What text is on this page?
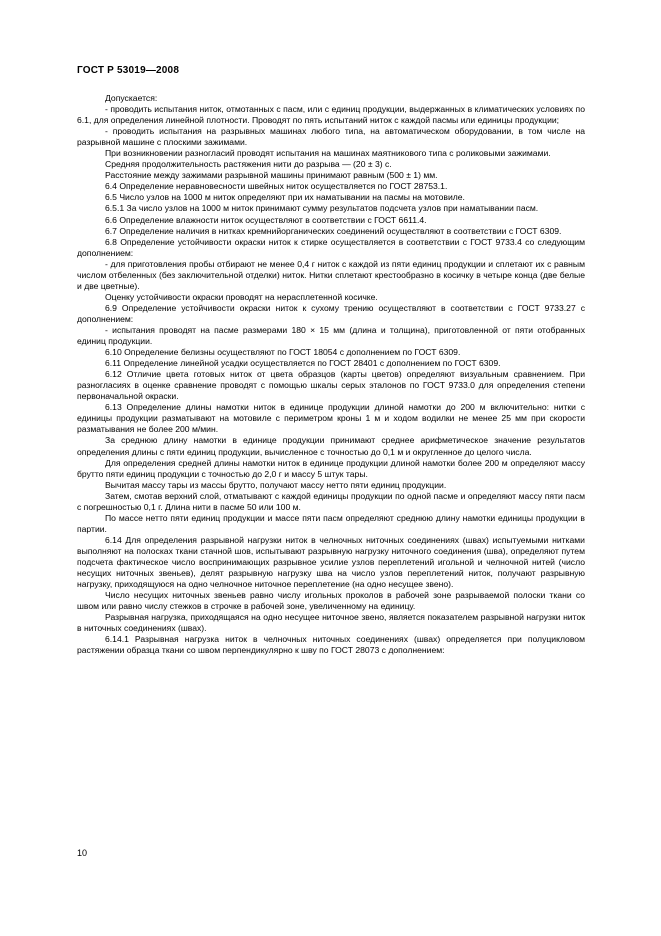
ГОСТ Р 53019—2008

Допускается:

- проводить испытания ниток, отмотанных с пасм, или с единиц продукции, выдержанных в климатических условиях по 6.1, для определения линейной плотности. Проводят по пять испытаний ниток с каждой пасмы или единицы продукции;

- проводить испытания на разрывных машинах любого типа, на автоматическом оборудовании, в том числе на разрывной машине с плоскими зажимами.

При возникновении разногласий проводят испытания на машинах маятникового типа с роликовыми зажимами.

Средняя продолжительность растяжения нити до разрыва — (20 ± 3) с.

Расстояние между зажимами разрывной машины принимают равным (500 ± 1) мм.

6.4 Определение неравновесности швейных ниток осуществляется по ГОСТ 28753.1.

6.5 Число узлов на 1000 м ниток определяют при их наматывании на пасмы на мотовиле.

6.5.1 За число узлов на 1000 м ниток принимают сумму результатов подсчета узлов при наматывании пасм.

6.6 Определение влажности ниток осуществляют в соответствии с ГОСТ 6611.4.

6.7 Определение наличия в нитках кремнийорганических соединений осуществляют в соответствии с ГОСТ 6309.

6.8 Определение устойчивости окраски ниток к стирке осуществляется в соответствии с ГОСТ 9733.4 со следующим дополнением:

- для приготовления пробы отбирают не менее 0,4 г ниток с каждой из пяти единиц продукции и сплетают их с равным числом отбеленных (без заключительной отделки) ниток. Нитки сплетают крестообразно в косичку в четыре конца (две белые и две цветные).

Оценку устойчивости окраски проводят на нерасплетенной косичке.

6.9 Определение устойчивости окраски ниток к сухому трению осуществляют в соответствии с ГОСТ 9733.27 с дополнением:

- испытания проводят на пасме размерами 180 × 15 мм (длина и толщина), приготовленной от пяти отобранных единиц продукции.

6.10 Определение белизны осуществляют по ГОСТ 18054 с дополнением по ГОСТ 6309.

6.11 Определение линейной усадки осуществляется по ГОСТ 28401 с дополнением по ГОСТ 6309.

6.12 Отличие цвета готовых ниток от цвета образцов (карты цветов) определяют визуальным сравнением. При разногласиях в оценке сравнение проводят с помощью шкалы серых эталонов по ГОСТ 9733.0 для определения степени первоначальной окраски.

6.13 Определение длины намотки ниток в единице продукции длиной намотки до 200 м включительно: нитки с единицы продукции разматывают на мотовиле с периметром кроны 1 м и ходом водилки не менее 25 мм при скорости разматывания не более 200 м/мин.

За среднюю длину намотки в единице продукции принимают среднее арифметическое значение результатов определения длины с пяти единиц продукции, вычисленное с точностью до 0,1 м и округленное до целого числа.

Для определения средней длины намотки ниток в единице продукции длиной намотки более 200 м определяют массу брутто пяти единиц продукции с точностью до 2,0 г и массу 5 штук тары.

Вычитая массу тары из массы брутто, получают массу нетто пяти единиц продукции.

Затем, смотав верхний слой, отматывают с каждой единицы продукции по одной пасме и определяют массу пяти пасм с погрешностью 0,1 г. Длина нити в пасме 50 или 100 м.

По массе нетто пяти единиц продукции и массе пяти пасм определяют среднюю длину намотки единицы продукции в партии.

6.14 Для определения разрывной нагрузки ниток в челночных ниточных соединениях (швах) испытуемыми нитками выполняют на полосках ткани стачной шов, испытывают разрывную нагрузку ниточного соединения (шва), определяют путем подсчета фактическое число воспринимающих разрывное усилие узлов переплетений игольной и челночной нитей (число несущих ниточных звеньев), делят разрывную нагрузку шва на число узлов переплетений ниток, получают разрывную нагрузку, приходящуюся на одно челночное ниточное переплетение (на одно несущее звено).

Число несущих ниточных звеньев равно числу игольных проколов в рабочей зоне разрываемой полоски ткани со швом или равно числу стежков в строчке в рабочей зоне, увеличенному на единицу.

Разрывная нагрузка, приходящаяся на одно несущее ниточное звено, является показателем разрывной нагрузки ниток в ниточных соединениях (швах).

6.14.1 Разрывная нагрузка ниток в челночных ниточных соединениях (швах) определяется при полуцикловом растяжении образца ткани со швом перпендикулярно к шву по ГОСТ 28073 с дополнением:

10
